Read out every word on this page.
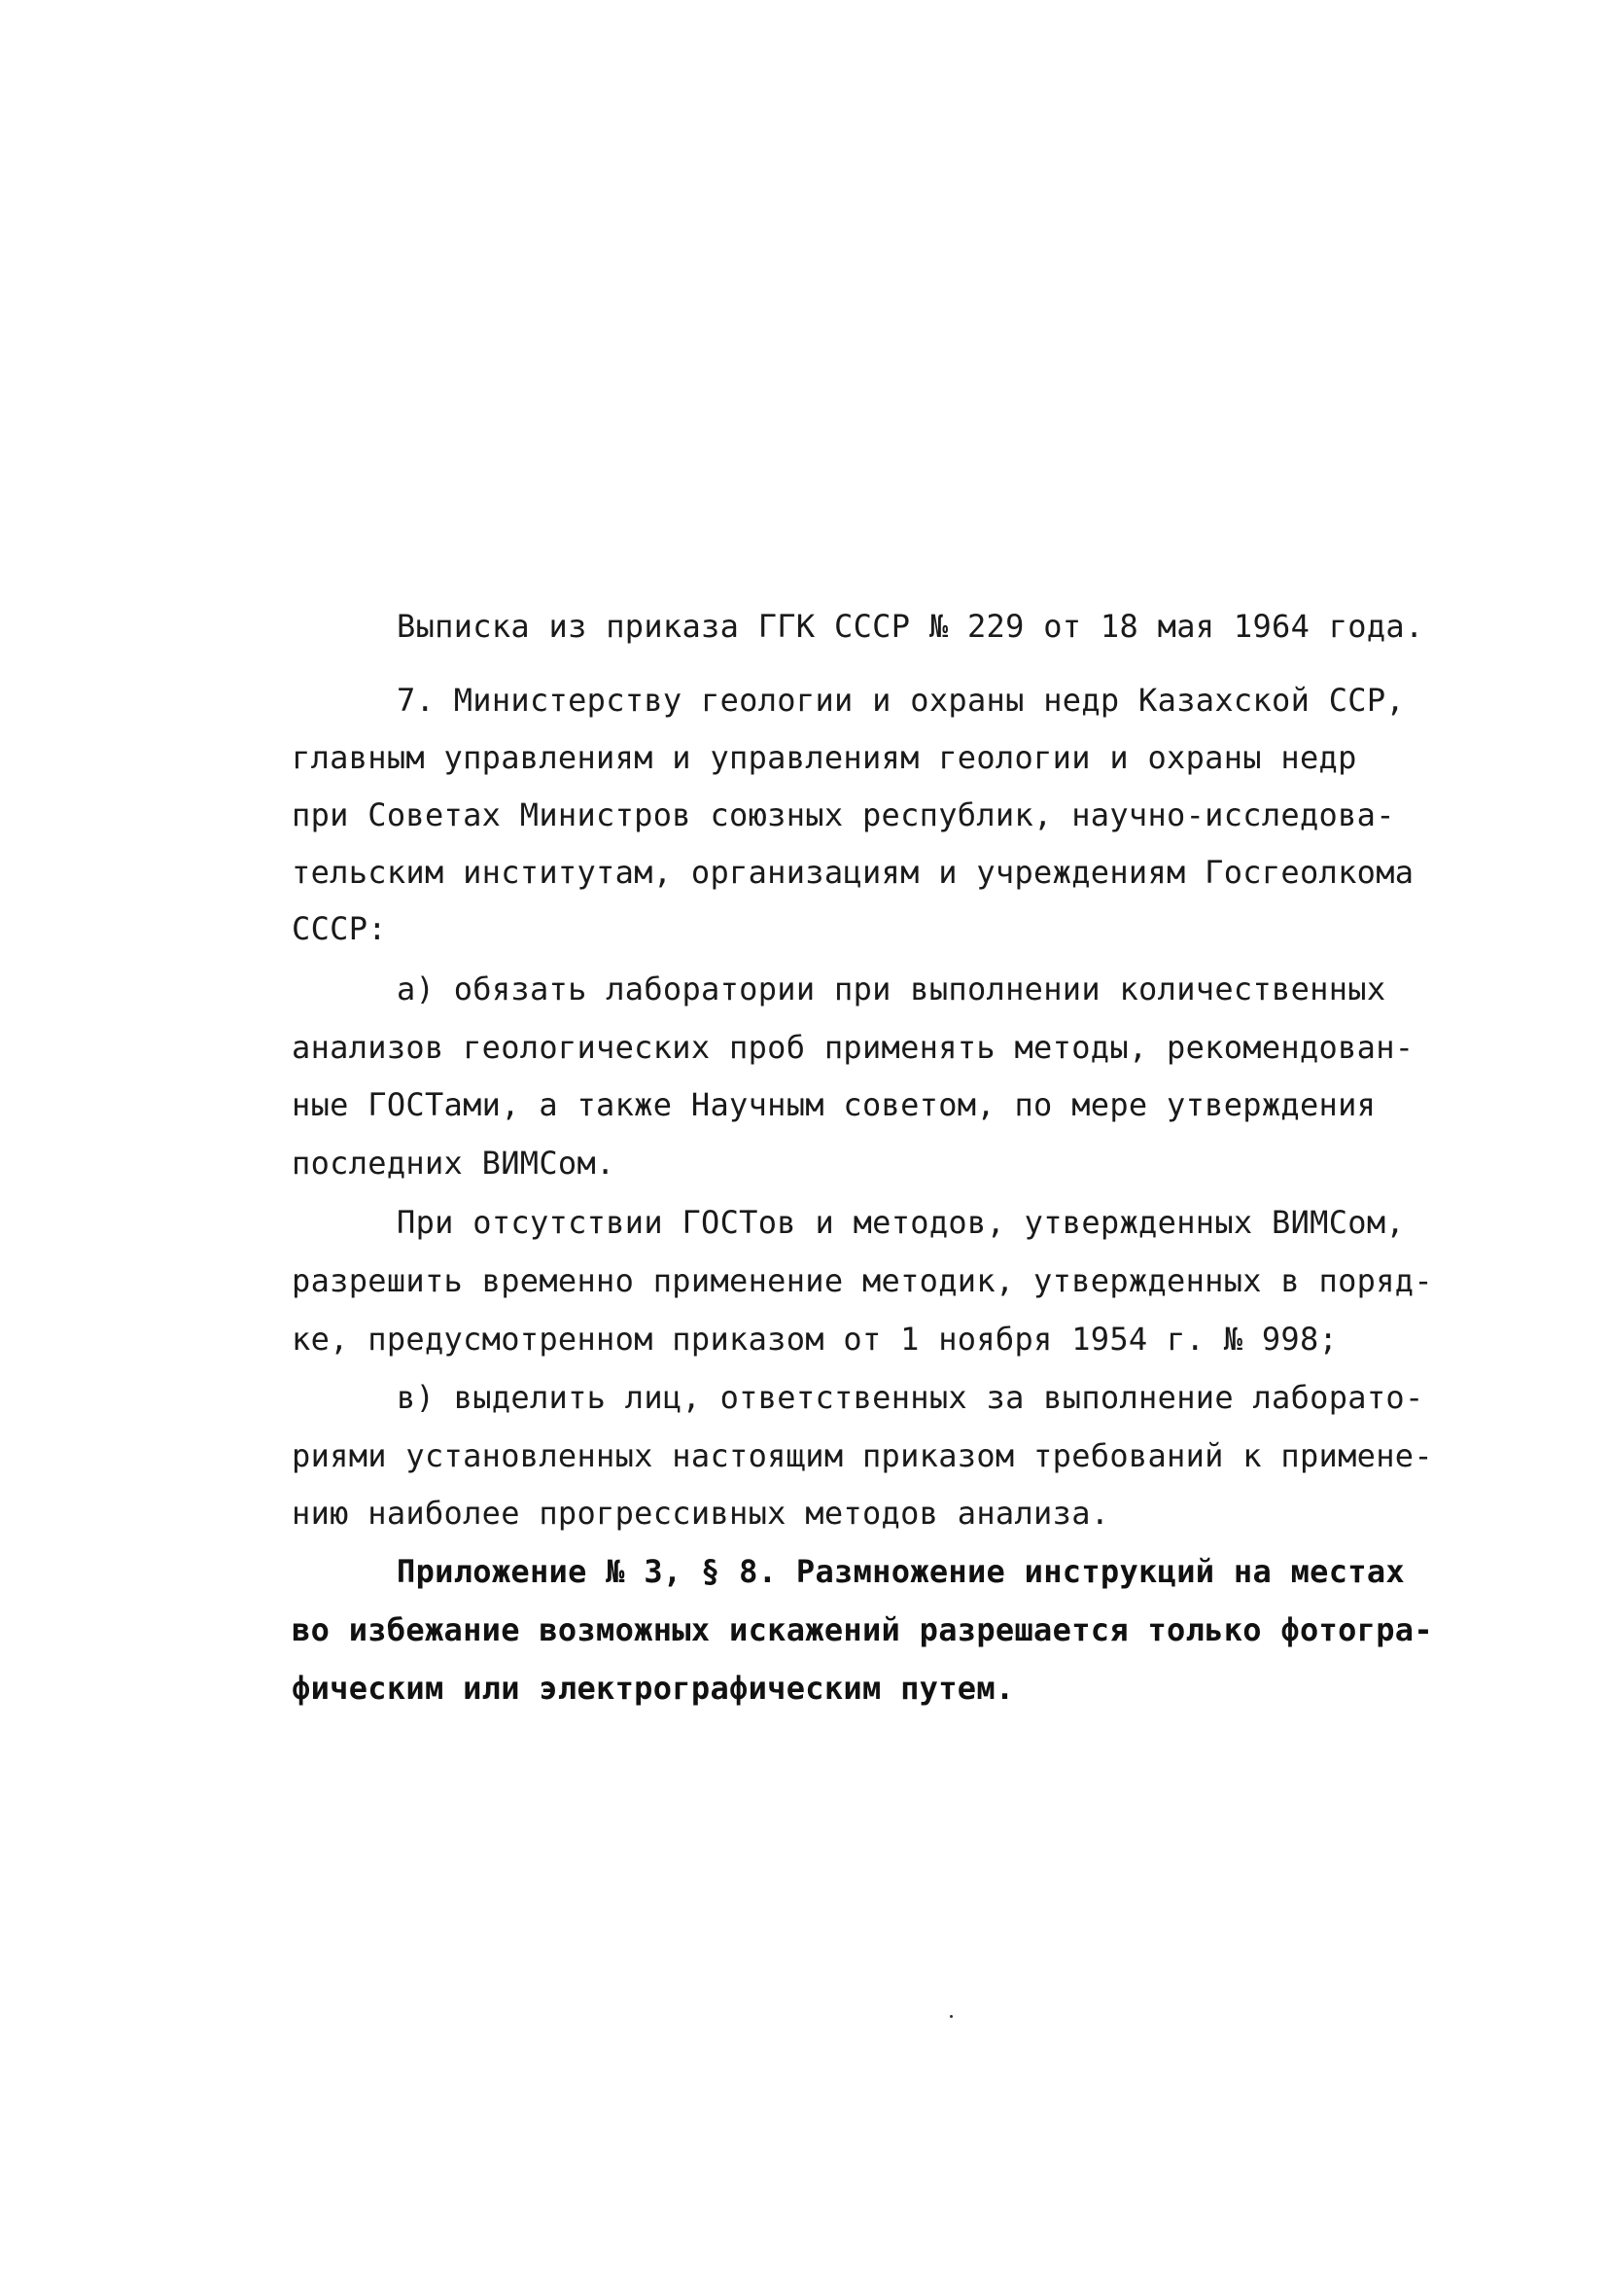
Выписка из приказа ГГК СССР № 229 от 18 мая 1964 года.
7. Министерству геологии и охраны недр Казахской ССР,
главным управлениям и управлениям геологии и охраны недр
при Советах Министров союзных республик, научно-исследова-
тельским институтам, организациям и учреждениям Госгеолкома
СССР:
а) обязать лаборатории при выполнении количественных
анализов геологических проб применять методы, рекомендован-
ные ГОСТами, а также Научным советом, по мере утверждения
последних ВИМСом.
При отсутствии ГОСТов и методов, утвержденных ВИМСом,
разрешить временно применение методик, утвержденных в поряд-
ке, предусмотренном приказом от 1 ноября 1954 г. № 998;
в) выделить лиц, ответственных за выполнение лаборато-
риями установленных настоящим приказом требований к примене-
нию наиболее прогрессивных методов анализа.
Приложение № 3, § 8. Размножение инструкций на местах
во избежание возможных искажений разрешается только фотогра-
фическим или электрографическим путем.
